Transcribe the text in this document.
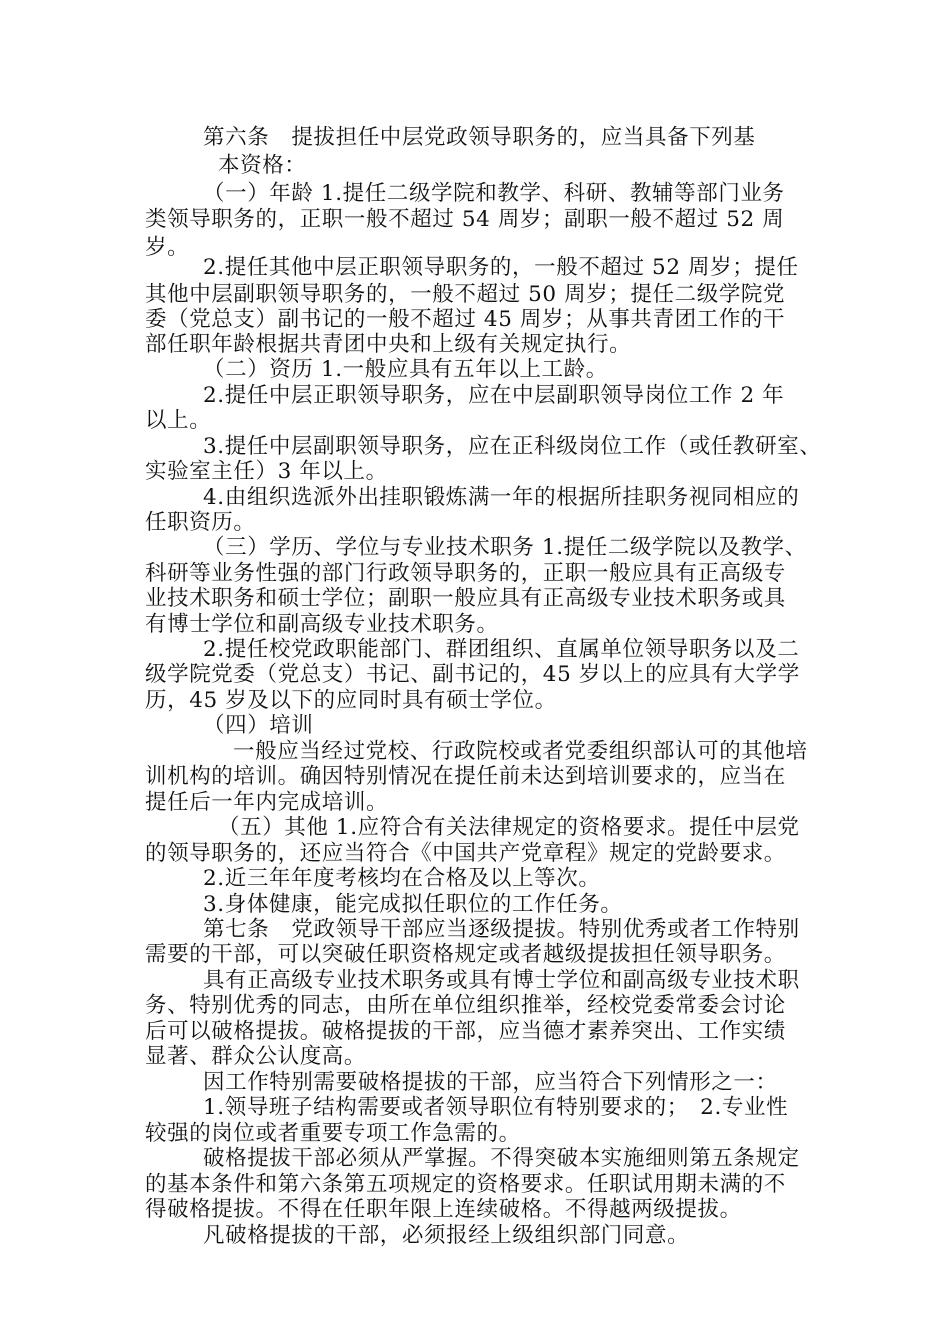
第六条　提拔担任中层党政领导职务的，应当具备下列基
本资格：
（一）年龄 1.提任二级学院和教学、科研、教辅等部门业务
类领导职务的，正职一般不超过 54 周岁；副职一般不超过 52 周
岁。
2.提任其他中层正职领导职务的，一般不超过 52 周岁；提任
其他中层副职领导职务的，一般不超过 50 周岁；提任二级学院党
委（党总支）副书记的一般不超过 45 周岁；从事共青团工作的干
部任职年龄根据共青团中央和上级有关规定执行。
（二）资历 1.一般应具有五年以上工龄。
2.提任中层正职领导职务，应在中层副职领导岗位工作 2 年
以上。
3.提任中层副职领导职务，应在正科级岗位工作（或任教研室、
实验室主任）3 年以上。
4.由组织选派外出挂职锻炼满一年的根据所挂职务视同相应的
任职资历。
（三）学历、学位与专业技术职务 1.提任二级学院以及教学、
科研等业务性强的部门行政领导职务的，正职一般应具有正高级专
业技术职务和硕士学位；副职一般应具有正高级专业技术职务或具
有博士学位和副高级专业技术职务。
2.提任校党政职能部门、群团组织、直属单位领导职务以及二
级学院党委（党总支）书记、副书记的，45 岁以上的应具有大学学
历，45 岁及以下的应同时具有硕士学位。
（四）培训
一般应当经过党校、行政院校或者党委组织部认可的其他培
训机构的培训。确因特别情况在提任前未达到培训要求的，应当在
提任后一年内完成培训。
（五）其他 1.应符合有关法律规定的资格要求。提任中层党
的领导职务的，还应当符合《中国共产党章程》规定的党龄要求。
2.近三年年度考核均在合格及以上等次。
3.身体健康，能完成拟任职位的工作任务。
第七条　党政领导干部应当逐级提拔。特别优秀或者工作特别
需要的干部，可以突破任职资格规定或者越级提拔担任领导职务。
具有正高级专业技术职务或具有博士学位和副高级专业技术职
务、特别优秀的同志，由所在单位组织推举，经校党委常委会讨论
后可以破格提拔。破格提拔的干部，应当德才素养突出、工作实绩
显著、群众公认度高。
因工作特别需要破格提拔的干部，应当符合下列情形之一：
1.领导班子结构需要或者领导职位有特别要求的；　2.专业性
较强的岗位或者重要专项工作急需的。
破格提拔干部必须从严掌握。不得突破本实施细则第五条规定
的基本条件和第六条第五项规定的资格要求。任职试用期未满的不
得破格提拔。不得在任职年限上连续破格。不得越两级提拔。
凡破格提拔的干部，必须报经上级组织部门同意。
